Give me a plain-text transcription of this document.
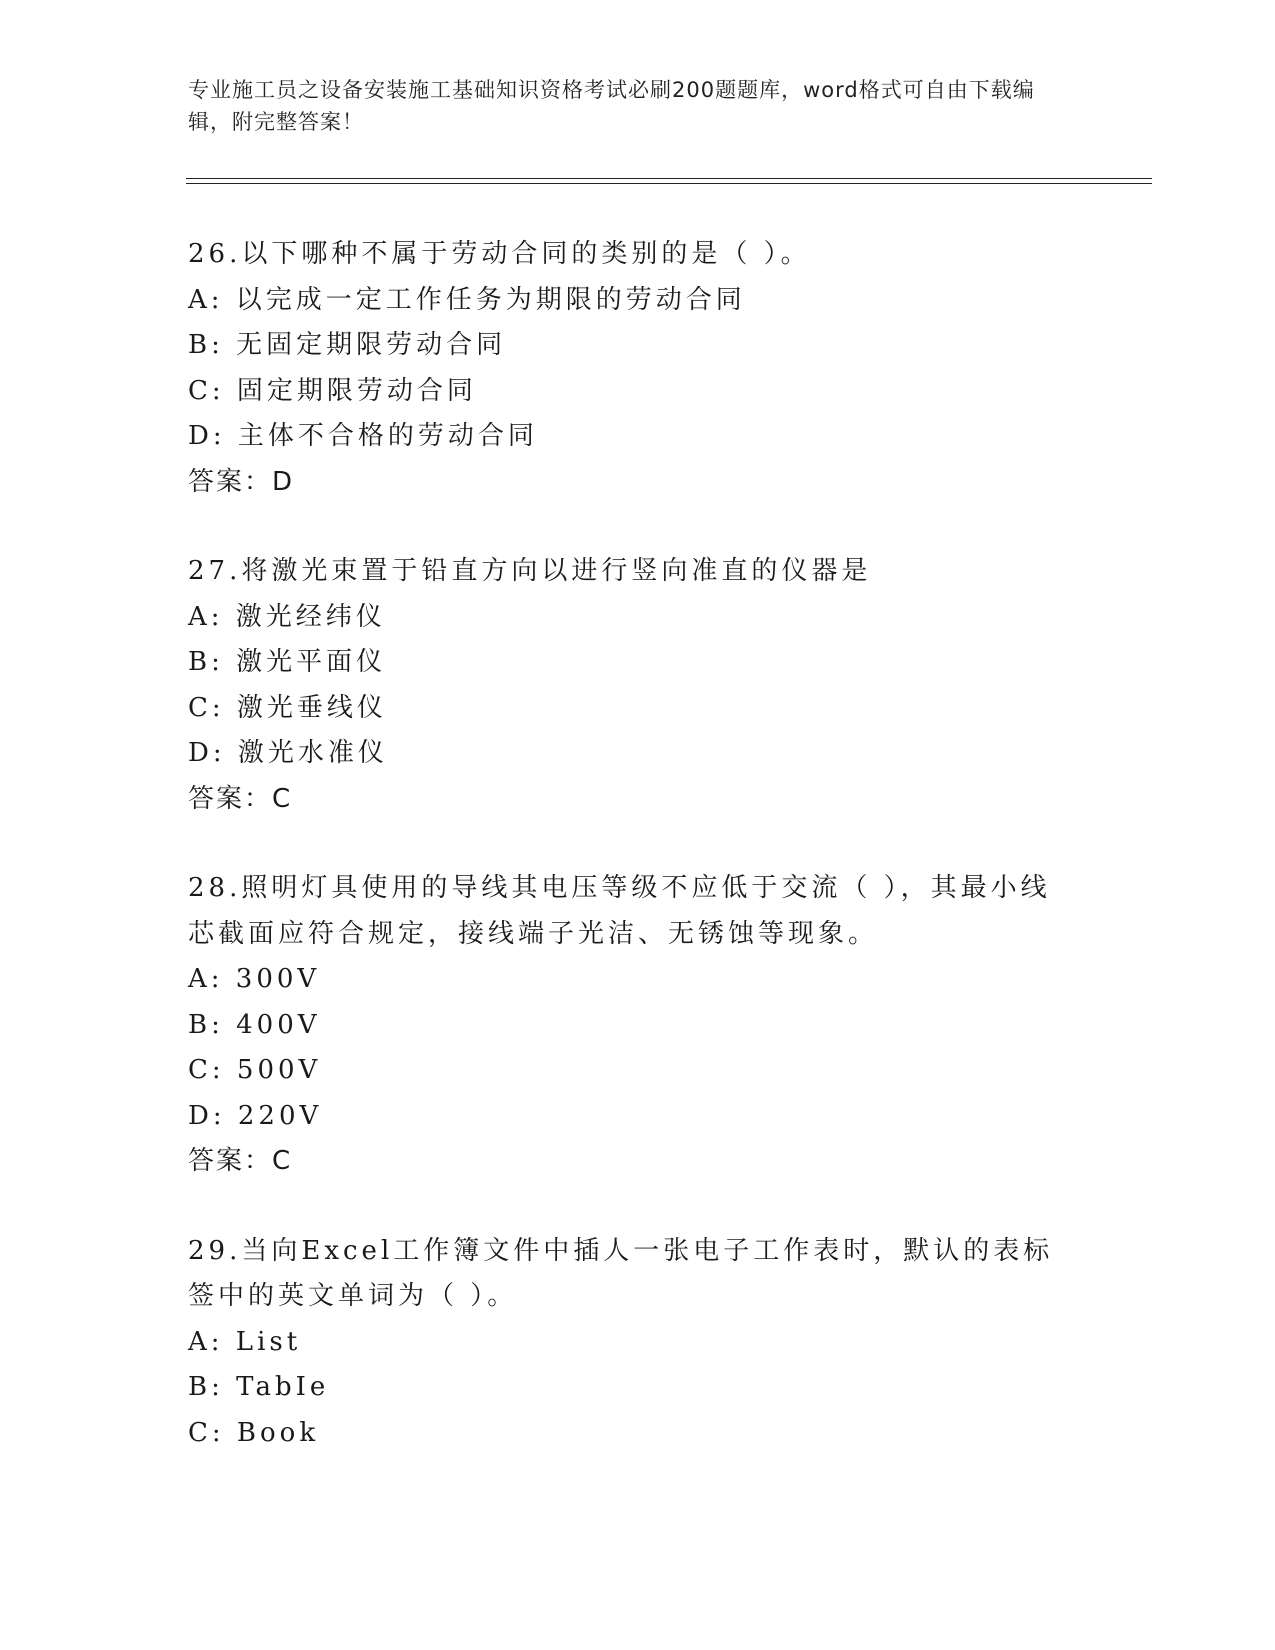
专业施工员之设备安装施工基础知识资格考试必刷200题题库，word格式可自由下载编辑，附完整答案！

26.以下哪种不属于劳动合同的类别的是（ ）。

A: 以完成一定工作任务为期限的劳动合同

B: 无固定期限劳动合同

C: 固定期限劳动合同

D: 主体不合格的劳动合同

答案：D

27.将激光束置于铅直方向以进行竖向准直的仪器是

A: 激光经纬仪

B: 激光平面仪

C: 激光垂线仪

D: 激光水准仪

答案：C

28.照明灯具使用的导线其电压等级不应低于交流（ ），其最小线芯截面应符合规定，接线端子光洁、无锈蚀等现象。

A: 300V

B: 400V

C: 500V

D: 220V

答案：C

29.当向Excel工作簿文件中插人一张电子工作表时，默认的表标签中的英文单词为（ ）。

A: List

B: TabIe

C: Book
